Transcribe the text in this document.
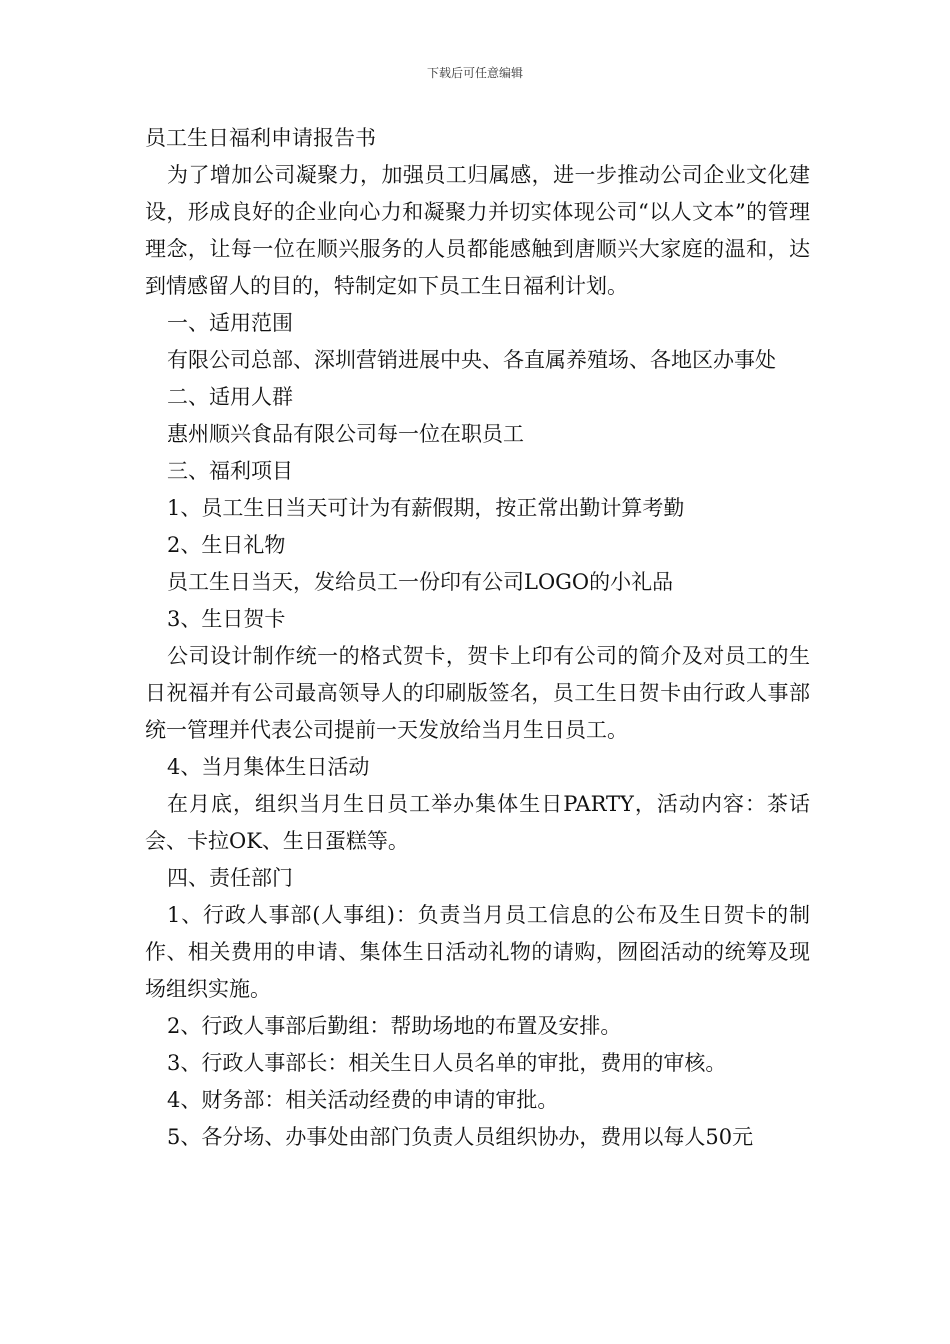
下载后可任意编辑

员工生日福利申请报告书

为了增加公司凝聚力，加强员工归属感，进一步推动公司企业文化建设，形成良好的企业向心力和凝聚力并切实体现公司“以人文本”的管理理念，让每一位在顺兴服务的人员都能感触到唐顺兴大家庭的温和，达到情感留人的目的，特制定如下员工生日福利计划。

一、适用范围

有限公司总部、深圳营销进展中央、各直属养殖场、各地区办事处

二、适用人群

惠州顺兴食品有限公司每一位在职员工

三、福利项目

1、员工生日当天可计为有薪假期，按正常出勤计算考勤

2、生日礼物

员工生日当天，发给员工一份印有公司LOGO的小礼品

3、生日贺卡

公司设计制作统一的格式贺卡，贺卡上印有公司的简介及对员工的生日祝福并有公司最高领导人的印刷版签名，员工生日贺卡由行政人事部统一管理并代表公司提前一天发放给当月生日员工。

4、当月集体生日活动

在月底，组织当月生日员工举办集体生日PARTY，活动内容：茶话会、卡拉OK、生日蛋糕等。

四、责任部门

1、行政人事部(人事组)：负责当月员工信息的公布及生日贺卡的制作、相关费用的申请、集体生日活动礼物的请购，囫囵活动的统筹及现场组织实施。

2、行政人事部后勤组：帮助场地的布置及安排。

3、行政人事部长：相关生日人员名单的审批，费用的审核。

4、财务部：相关活动经费的申请的审批。

5、各分场、办事处由部门负责人员组织协办，费用以每人50元
